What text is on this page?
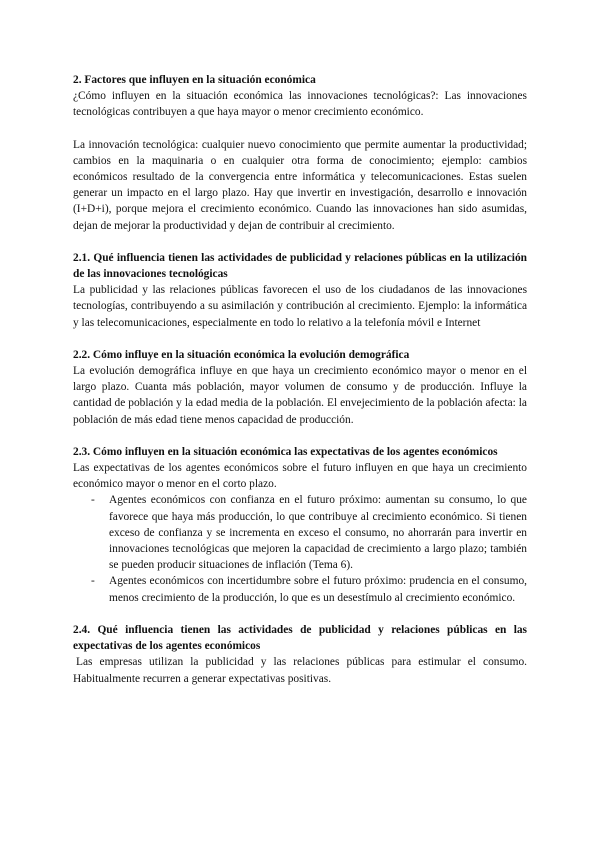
2. Factores que influyen en la situación económica

¿Cómo influyen en la situación económica las innovaciones tecnológicas?: Las innovaciones tecnológicas contribuyen a que haya mayor o menor crecimiento económico.

La innovación tecnológica: cualquier nuevo conocimiento que permite aumentar la productividad; cambios en la maquinaria o en cualquier otra forma de conocimiento; ejemplo: cambios económicos resultado de la convergencia entre informática y telecomunicaciones. Estas suelen generar un impacto en el largo plazo. Hay que invertir en investigación, desarrollo e innovación (I+D+i), porque mejora el crecimiento económico. Cuando las innovaciones han sido asumidas, dejan de mejorar la productividad y dejan de contribuir al crecimiento.

2.1. Qué influencia tienen las actividades de publicidad y relaciones públicas en la utilización de las innovaciones tecnológicas

La publicidad y las relaciones públicas favorecen el uso de los ciudadanos de las innovaciones tecnologías, contribuyendo a su asimilación y contribución al crecimiento. Ejemplo: la informática y las telecomunicaciones, especialmente en todo lo relativo a la telefonía móvil e Internet

2.2. Cómo influye en la situación económica la evolución demográfica

La evolución demográfica influye en que haya un crecimiento económico mayor o menor en el largo plazo. Cuanta más población, mayor volumen de consumo y de producción. Influye la cantidad de población y la edad media de la población. El envejecimiento de la población afecta: la población de más edad tiene menos capacidad de producción.

2.3. Cómo influyen en la situación económica las expectativas de los agentes económicos

Las expectativas de los agentes económicos sobre el futuro influyen en que haya un crecimiento económico mayor o menor en el corto plazo.

- Agentes económicos con confianza en el futuro próximo: aumentan su consumo, lo que favorece que haya más producción, lo que contribuye al crecimiento económico. Si tienen exceso de confianza y se incrementa en exceso el consumo, no ahorrarán para invertir en innovaciones tecnológicas que mejoren la capacidad de crecimiento a largo plazo; también se pueden producir situaciones de inflación (Tema 6).
- Agentes económicos con incertidumbre sobre el futuro próximo: prudencia en el consumo, menos crecimiento de la producción, lo que es un desestímulo al crecimiento económico.

2.4. Qué influencia tienen las actividades de publicidad y relaciones públicas en las expectativas de los agentes económicos

Las empresas utilizan la publicidad y las relaciones públicas para estimular el consumo. Habitualmente recurren a generar expectativas positivas.
